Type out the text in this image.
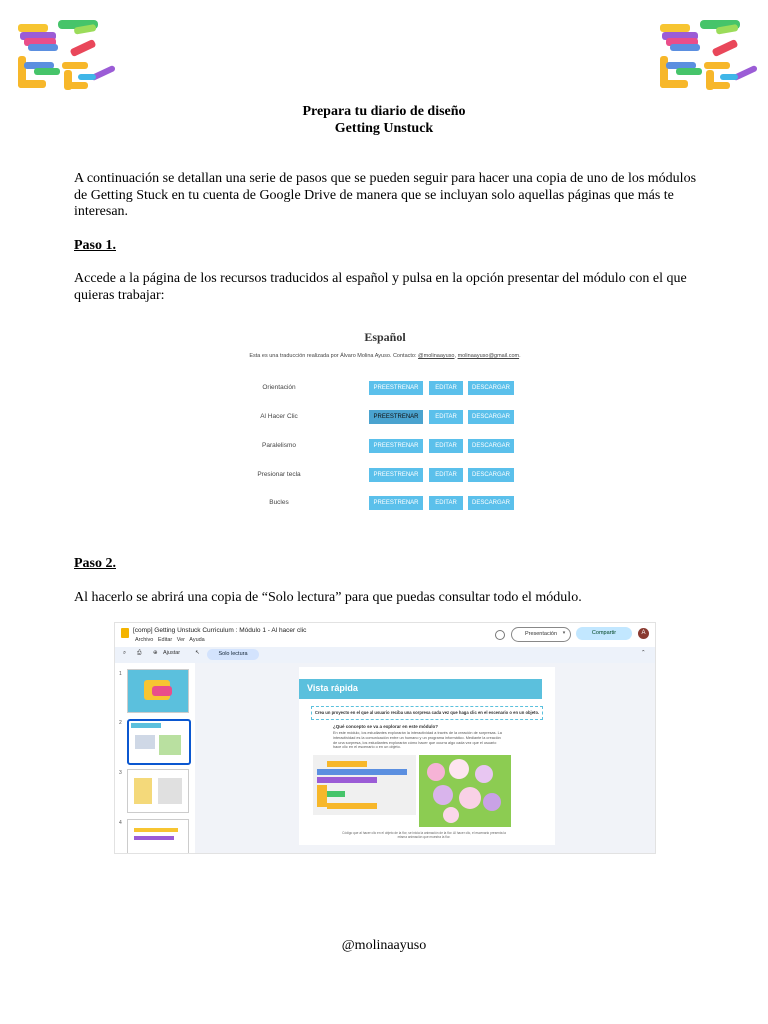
Prepara tu diario de diseño
Getting Unstuck
A continuación se detallan una serie de pasos que se pueden seguir para hacer una copia de uno de los módulos de Getting Stuck en tu cuenta de Google Drive de manera que se incluyan solo aquellas páginas que más te interesan.
Paso 1.
Accede a la página de los recursos traducidos al español y pulsa en la opción presentar del módulo con el que quieras trabajar:
Español
Esta es una traducción realizada por Álvaro Molina Ayuso. Contacto: @molinaayuso, molinaayuso@gmail.com.
Orientación	PREESTRENAR	EDITAR	DESCARGAR
Al Hacer Clic	PREESTRENAR	EDITAR	DESCARGAR
Paralelismo	PREESTRENAR	EDITAR	DESCARGAR
Presionar tecla	PREESTRENAR	EDITAR	DESCARGAR
Bucles	PREESTRENAR	EDITAR	DESCARGAR
Paso 2.
Al hacerlo se abrirá una copia de “Solo lectura” para que puedas consultar todo el módulo.
[comp] Getting Unstuck Curriculum : Módulo 1 - Al hacer clic
Archivo Editar Ver Ayuda
Presentación	▾	Compartir	A
⌕ ⎙ ⊕ Ajustar	↖	Solo lectura	⌃
1
2
3
4
Vista rápida
Crea un proyecto en el que al usuario reciba una sorpresa cada vez que haga clic en el escenario o en un objeto.
¿Qué concepto se va a explorar en este módulo?
En este módulo, los estudiantes explorarán la interactividad a través de la creación de sorpresas. La interactividad es la comunicación entre un humano y un programa informático. Mediante la creación de una sorpresa, los estudiantes explorarán cómo hacer que ocurra algo cada vez que el usuario hace clic en el escenario o en un objeto.
Código que al hacer clic en el objeto de la flor, se inicia la animación de la flor. Al hacer clic, el escenario presenta la misma animación que muestra la flor.
@molinaayuso
